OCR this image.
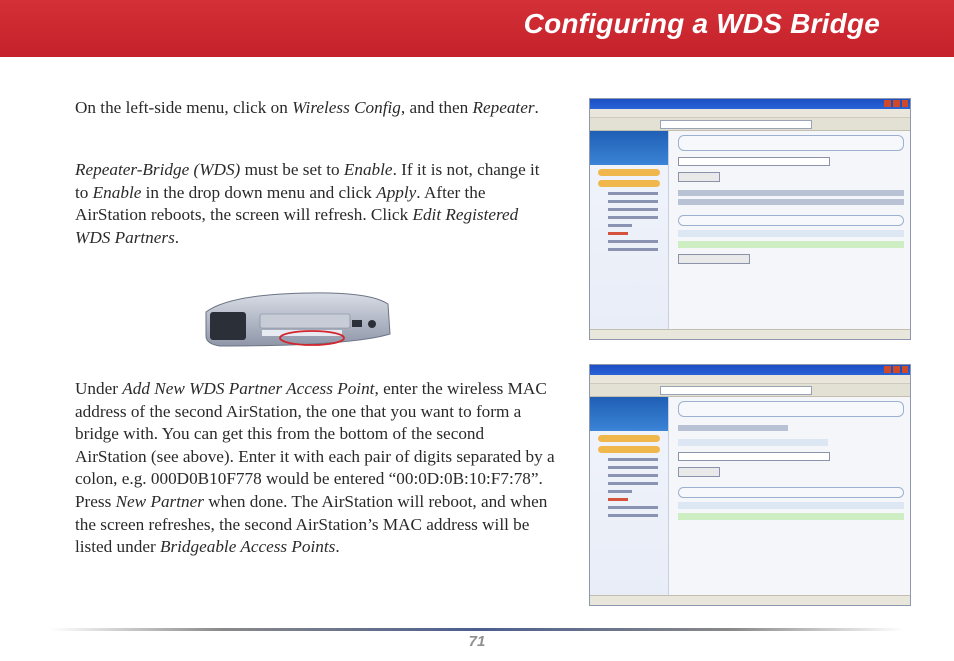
Configuring a WDS Bridge

On the left-side menu, click on Wireless Config, and then Repeater.

Repeater-Bridge (WDS) must be set to Enable. If it is not, change it to Enable in the drop down menu and click Apply. After the AirStation reboots, the screen will refresh. Click Edit Registered WDS Partners.

Under Add New WDS Partner Access Point, enter the wireless MAC address of the second AirStation, the one that you want to form a bridge with. You can get this from the bottom of the second AirStation (see above). Enter it with each pair of digits separated by a colon, e.g. 000D0B10F778 would be entered “00:0D:0B:10:F7:78”. Press New Partner when done. The AirStation will reboot, and when the screen refreshes, the second AirStation’s MAC address will be listed under Bridgeable Access Points.

71
